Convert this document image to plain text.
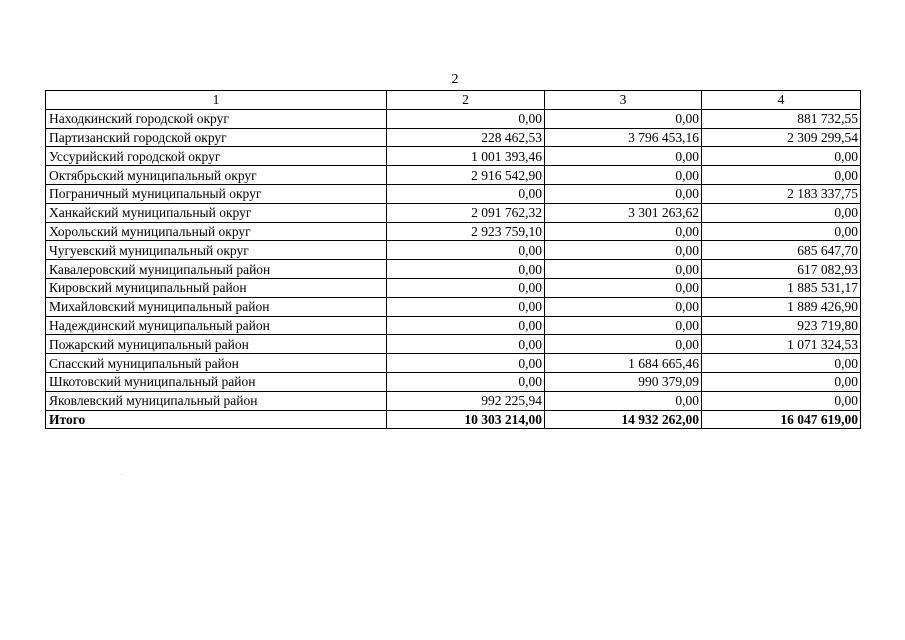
2
1	2	3	4
Находкинский городской округ	0,00	0,00	881 732,55
Партизанский городской округ	228 462,53	3 796 453,16	2 309 299,54
Уссурийский городской округ	1 001 393,46	0,00	0,00
Октябрьский муниципальный округ	2 916 542,90	0,00	0,00
Пограничный муниципальный округ	0,00	0,00	2 183 337,75
Ханкайский муниципальный округ	2 091 762,32	3 301 263,62	0,00
Хорольский муниципальный округ	2 923 759,10	0,00	0,00
Чугуевский муниципальный округ	0,00	0,00	685 647,70
Кавалеровский муниципальный район	0,00	0,00	617 082,93
Кировский муниципальный район	0,00	0,00	1 885 531,17
Михайловский муниципальный район	0,00	0,00	1 889 426,90
Надеждинский муниципальный район	0,00	0,00	923 719,80
Пожарский муниципальный район	0,00	0,00	1 071 324,53
Спасский муниципальный район	0,00	1 684 665,46	0,00
Шкотовский муниципальный район	0,00	990 379,09	0,00
Яковлевский муниципальный район	992 225,94	0,00	0,00
Итого	10 303 214,00	14 932 262,00	16 047 619,00
